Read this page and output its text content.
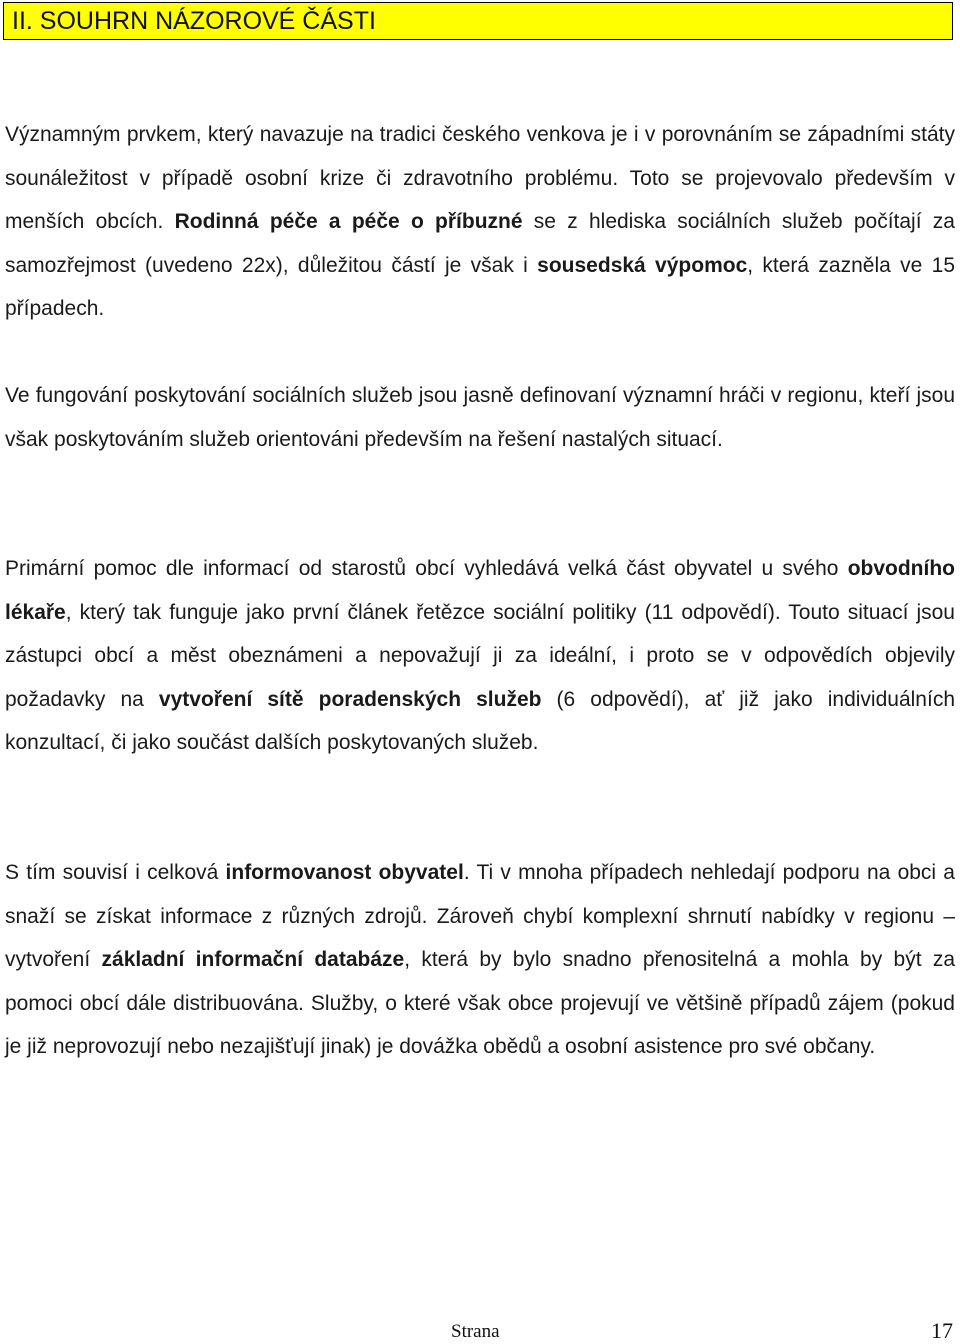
II. SOUHRN NÁZOROVÉ ČÁSTI

Významným prvkem, který navazuje na tradici českého venkova je i v porovnáním se západními státy sounáležitost v případě osobní krize či zdravotního problému. Toto se projevovalo především v menších obcích. Rodinná péče a péče o příbuzné se z hlediska sociálních služeb počítají za samozřejmost (uvedeno 22x), důležitou částí je však i sousedská výpomoc, která zazněla ve 15 případech.

Ve fungování poskytování sociálních služeb jsou jasně definovaní významní hráči v regionu, kteří jsou však poskytováním služeb orientováni především na řešení nastalých situací.

Primární pomoc dle informací od starostů obcí vyhledává velká část obyvatel u svého obvodního lékaře, který tak funguje jako první článek řetězce sociální politiky (11 odpovědí). Touto situací jsou zástupci obcí a měst obeznámeni a nepovažují ji za ideální, i proto se v odpovědích objevily požadavky na vytvoření sítě poradenských služeb (6 odpovědí), ať již jako individuálních konzultací, či jako součást dalších poskytovaných služeb.

S tím souvisí i celková informovanost obyvatel. Ti v mnoha případech nehledají podporu na obci a snaží se získat informace z různých zdrojů. Zároveň chybí komplexní shrnutí nabídky v regionu – vytvoření základní informační databáze, která by bylo snadno přenositelná a mohla by být za pomoci obcí dále distribuována. Služby, o které však obce projevují ve většině případů zájem (pokud je již neprovozují nebo nezajišťují jinak) je dovážka obědů a osobní asistence pro své občany.

Strana	17
